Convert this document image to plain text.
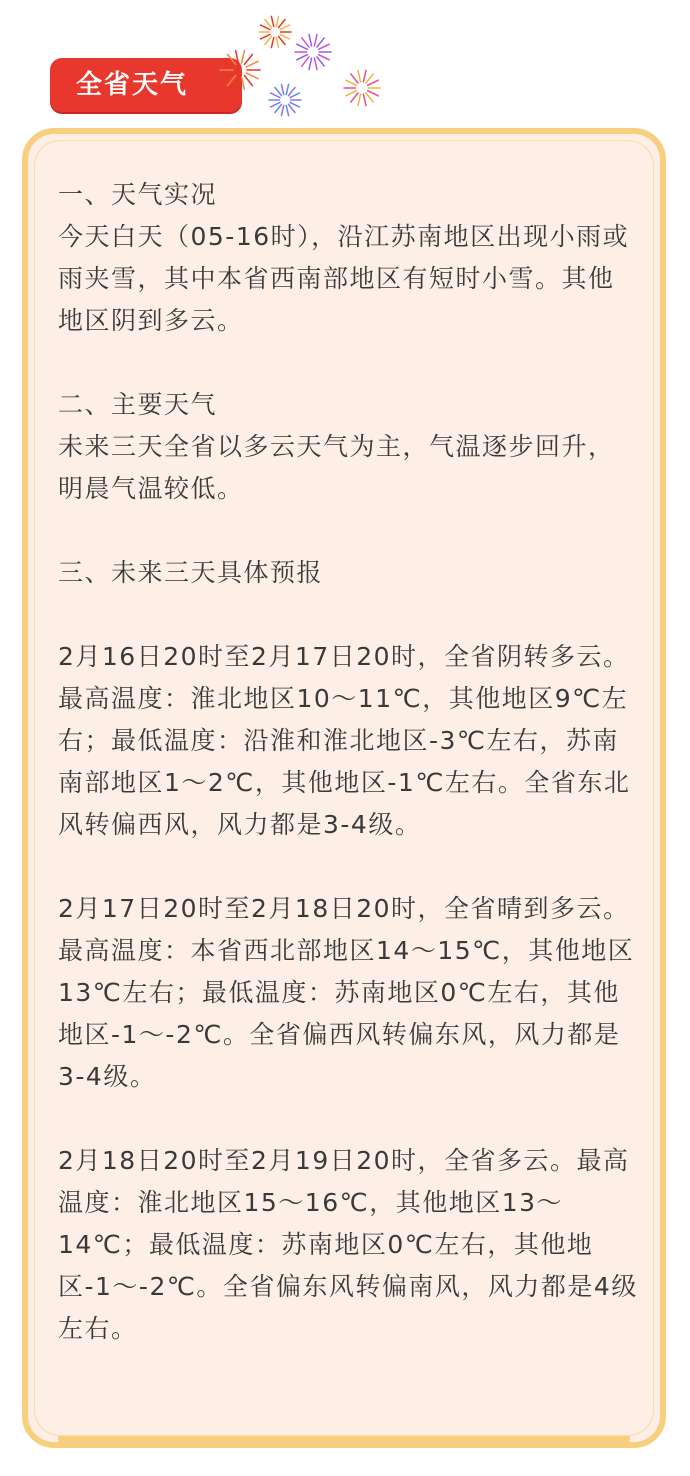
全省天气

一、天气实况

今天白天（05-16时），沿江苏南地区出现小雨或雨夹雪，其中本省西南部地区有短时小雪。其他地区阴到多云。

二、主要天气

未来三天全省以多云天气为主，气温逐步回升，明晨气温较低。

三、未来三天具体预报

2月16日20时至2月17日20时，全省阴转多云。最高温度：淮北地区10～11℃，其他地区9℃左右；最低温度：沿淮和淮北地区-3℃左右，苏南南部地区1～2℃，其他地区-1℃左右。全省东北风转偏西风，风力都是3-4级。

2月17日20时至2月18日20时，全省晴到多云。最高温度：本省西北部地区14～15℃，其他地区13℃左右；最低温度：苏南地区0℃左右，其他地区-1～-2℃。全省偏西风转偏东风，风力都是3-4级。

2月18日20时至2月19日20时，全省多云。最高温度：淮北地区15～16℃，其他地区13～14℃；最低温度：苏南地区0℃左右，其他地区-1～-2℃。全省偏东风转偏南风，风力都是4级左右。
